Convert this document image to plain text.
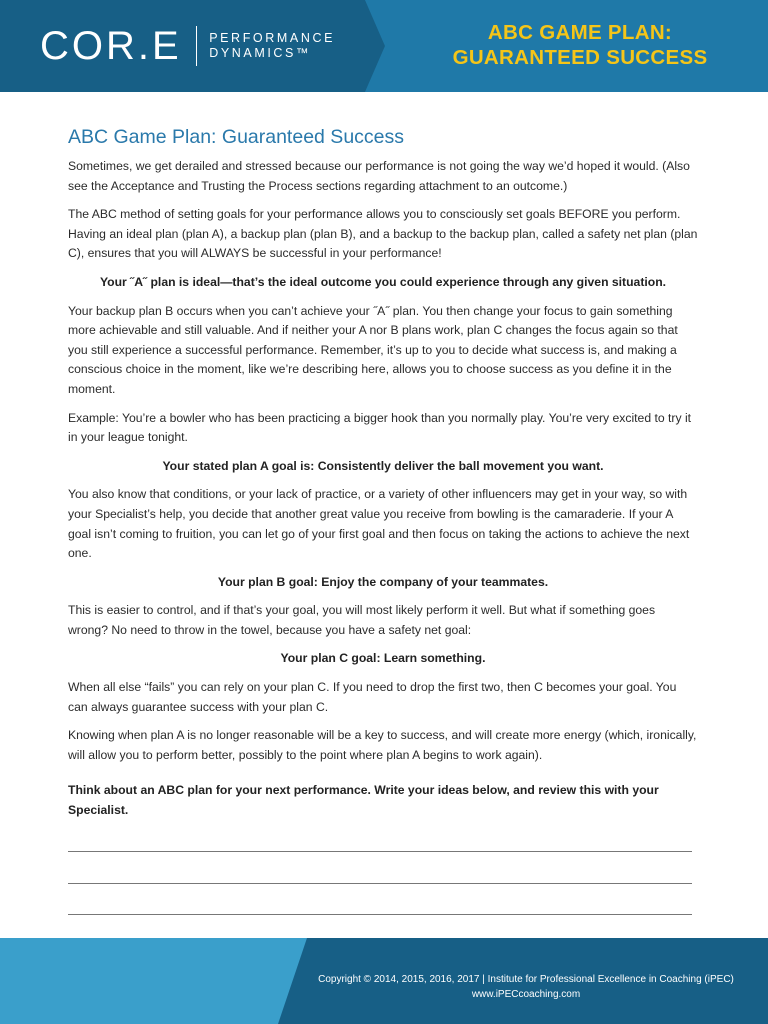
COR.E PERFORMANCE
DYNAMICS™
ABC GAME PLAN:
GUARANTEED SUCCESS
ABC Game Plan: Guaranteed Success

Sometimes, we get derailed and stressed because our performance is not going the way we’d hoped it would. (Also see the Acceptance and Trusting the Process sections regarding attachment to an outcome.)

The ABC method of setting goals for your performance allows you to consciously set goals BEFORE you perform. Having an ideal plan (plan A), a backup plan (plan B), and a backup to the backup plan, called a safety net plan (plan C), ensures that you will ALWAYS be successful in your performance!

Your ˝A˝ plan is ideal—that’s the ideal outcome you could experience through any given situation.

Your backup plan B occurs when you can’t achieve your ˝A˝ plan. You then change your focus to gain something more achievable and still valuable. And if neither your A nor B plans work, plan C changes the focus again so that you still experience a successful performance. Remember, it’s up to you to decide what success is, and making a conscious choice in the moment, like we’re describing here, allows you to choose success as you define it in the moment.

Example: You’re a bowler who has been practicing a bigger hook than you normally play. You’re very excited to try it in your league tonight.

Your stated plan A goal is: Consistently deliver the ball movement you want.

You also know that conditions, or your lack of practice, or a variety of other influencers may get in your way, so with your Specialist’s help, you decide that another great value you receive from bowling is the camaraderie. If your A goal isn’t coming to fruition, you can let go of your first goal and then focus on taking the actions to achieve the next one.

Your plan B goal: Enjoy the company of your teammates.

This is easier to control, and if that’s your goal, you will most likely perform it well. But what if something goes wrong? No need to throw in the towel, because you have a safety net goal:

Your plan C goal: Learn something.

When all else “fails” you can rely on your plan C. If you need to drop the first two, then C becomes your goal. You can always guarantee success with your plan C.

Knowing when plan A is no longer reasonable will be a key to success, and will create more energy (which, ironically, will allow you to perform better, possibly to the point where plan A begins to work again).

Think about an ABC plan for your next performance. Write your ideas below, and review this with your Specialist.

Copyright © 2014, 2015, 2016, 2017 | Institute for Professional Excellence in Coaching (iPEC)
www.iPECcoaching.com
